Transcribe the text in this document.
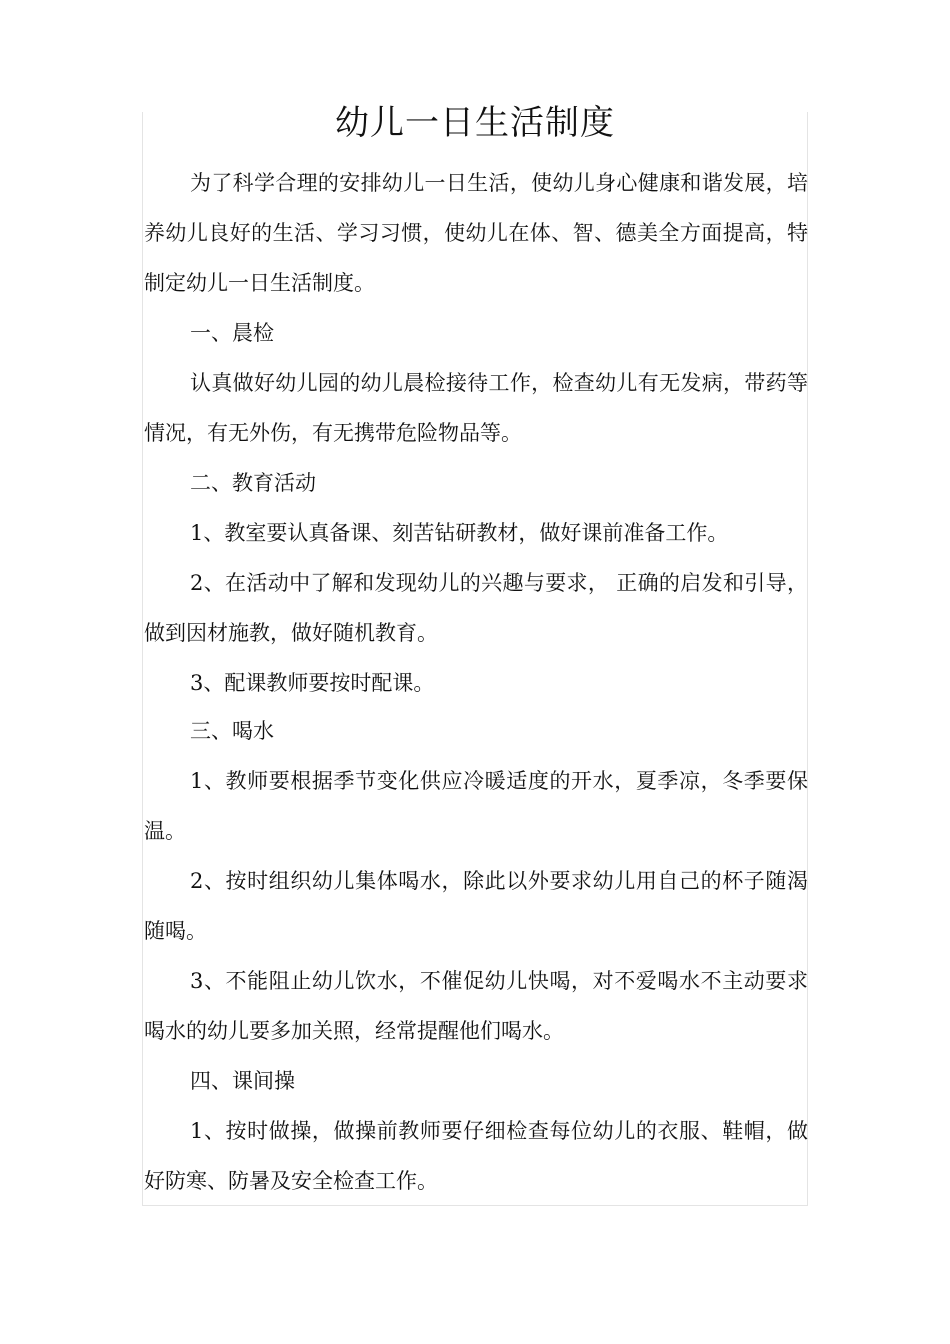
幼儿一日生活制度

为了科学合理的安排幼儿一日生活，使幼儿身心健康和谐发展，培养幼儿良好的生活、学习习惯，使幼儿在体、智、德美全方面提高，特制定幼儿一日生活制度。

一、晨检

认真做好幼儿园的幼儿晨检接待工作，检查幼儿有无发病，带药等情况，有无外伤，有无携带危险物品等。

二、教育活动

1、教室要认真备课、刻苦钻研教材，做好课前准备工作。

2、在活动中了解和发现幼儿的兴趣与要求， 正确的启发和引导，做到因材施教，做好随机教育。

3、配课教师要按时配课。

三、喝水

1、教师要根据季节变化供应冷暖适度的开水，夏季凉，冬季要保温。

2、按时组织幼儿集体喝水，除此以外要求幼儿用自己的杯子随渴随喝。

3、不能阻止幼儿饮水，不催促幼儿快喝，对不爱喝水不主动要求喝水的幼儿要多加关照，经常提醒他们喝水。

四、课间操

1、按时做操，做操前教师要仔细检查每位幼儿的衣服、鞋帽，做好防寒、防暑及安全检查工作。
